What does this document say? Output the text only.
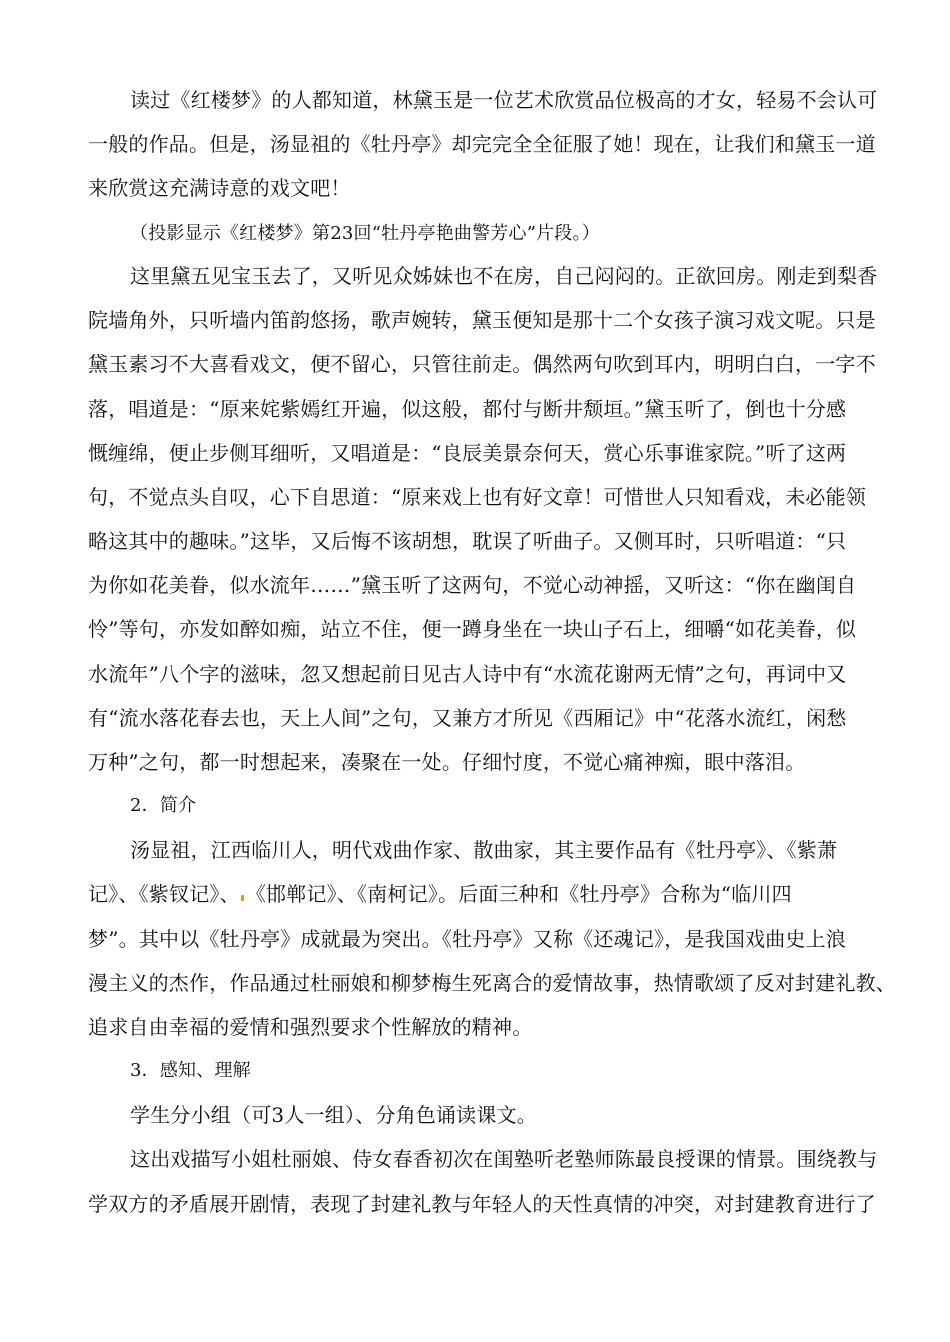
读过《红楼梦》的人都知道，林黛玉是一位艺术欣赏品位极高的才女，轻易不会认可
一般的作品。但是，汤显祖的《牡丹亭》却完完全全征服了她！现在，让我们和黛玉一道
来欣赏这充满诗意的戏文吧！
（投影显示《红楼梦》第23回“牡丹亭艳曲警芳心”片段。）
这里黛五见宝玉去了，又听见众姊妹也不在房，自己闷闷的。正欲回房。刚走到梨香
院墙角外，只听墙内笛韵悠扬，歌声婉转，黛玉便知是那十二个女孩子演习戏文呢。只是
黛玉素习不大喜看戏文，便不留心，只管往前走。偶然两句吹到耳内，明明白白，一字不
落，唱道是：“原来姹紫嫣红开遍，似这般，都付与断井颓垣。”黛玉听了，倒也十分感
慨缠绵，便止步侧耳细听，又唱道是：“良辰美景奈何天，赏心乐事谁家院。”听了这两
句，不觉点头自叹，心下自思道：“原来戏上也有好文章！可惜世人只知看戏，未必能领
略这其中的趣味。”这毕，又后悔不该胡想，耽误了听曲子。又侧耳时，只听唱道：“只
为你如花美眷，似水流年……”黛玉听了这两句，不觉心动神摇，又听这：“你在幽闺自
怜”等句，亦发如醉如痴，站立不住，便一蹲身坐在一块山子石上，细嚼“如花美眷，似
水流年”八个字的滋味，忽又想起前日见古人诗中有“水流花谢两无情”之句，再词中又
有“流水落花春去也，天上人间”之句，又兼方才所见《西厢记》中“花落水流红，闲愁
万种”之句，都一时想起来，凑聚在一处。仔细忖度，不觉心痛神痴，眼中落泪。
2．简介
汤显祖，江西临川人，明代戏曲作家、散曲家，其主要作品有《牡丹亭》、《紫萧
记》、《紫钗记》、 《邯郸记》、《南柯记》。后面三种和《牡丹亭》合称为“临川四
梦”。其中以《牡丹亭》成就最为突出。《牡丹亭》又称《还魂记》，是我国戏曲史上浪
漫主义的杰作，作品通过杜丽娘和柳梦梅生死离合的爱情故事，热情歌颂了反对封建礼教、
追求自由幸福的爱情和强烈要求个性解放的精神。
3．感知、理解
学生分小组（可3人一组）、分角色诵读课文。
这出戏描写小姐杜丽娘、侍女春香初次在闺塾听老塾师陈最良授课的情景。围绕教与
学双方的矛盾展开剧情，表现了封建礼教与年轻人的天性真情的冲突，对封建教育进行了
